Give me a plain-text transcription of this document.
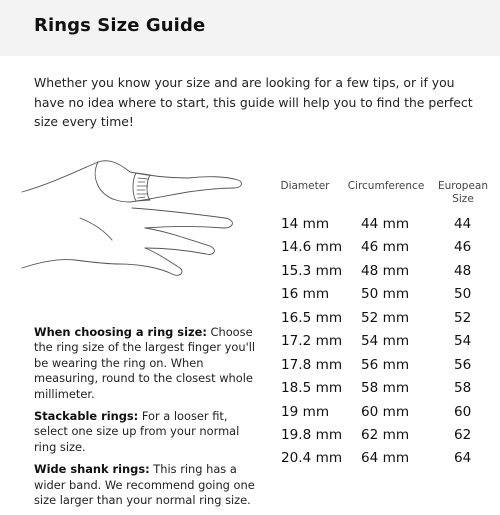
Rings Size Guide
Whether you know your size and are looking for a few tips, or if you have no idea where to start, this guide will help you to find the perfect size every time!
Diameter	Circumference	European Size
14 mm 44 mm	44
14.6 mm 46 mm	46
15.3 mm 48 mm	48
16 mm 50 mm	50
16.5 mm 52 mm	52
17.2 mm 54 mm	54
17.8 mm 56 mm	56
18.5 mm 58 mm	58
19 mm 60 mm	60
19.8 mm 62 mm	62
20.4 mm 64 mm	64
When choosing a ring size: Choose the ring size of the largest finger you'll be wearing the ring on. When measuring, round to the closest whole millimeter.
Stackable rings: For a looser fit, select one size up from your normal ring size.
Wide shank rings: This ring has a wider band. We recommend going one size larger than your normal ring size.
